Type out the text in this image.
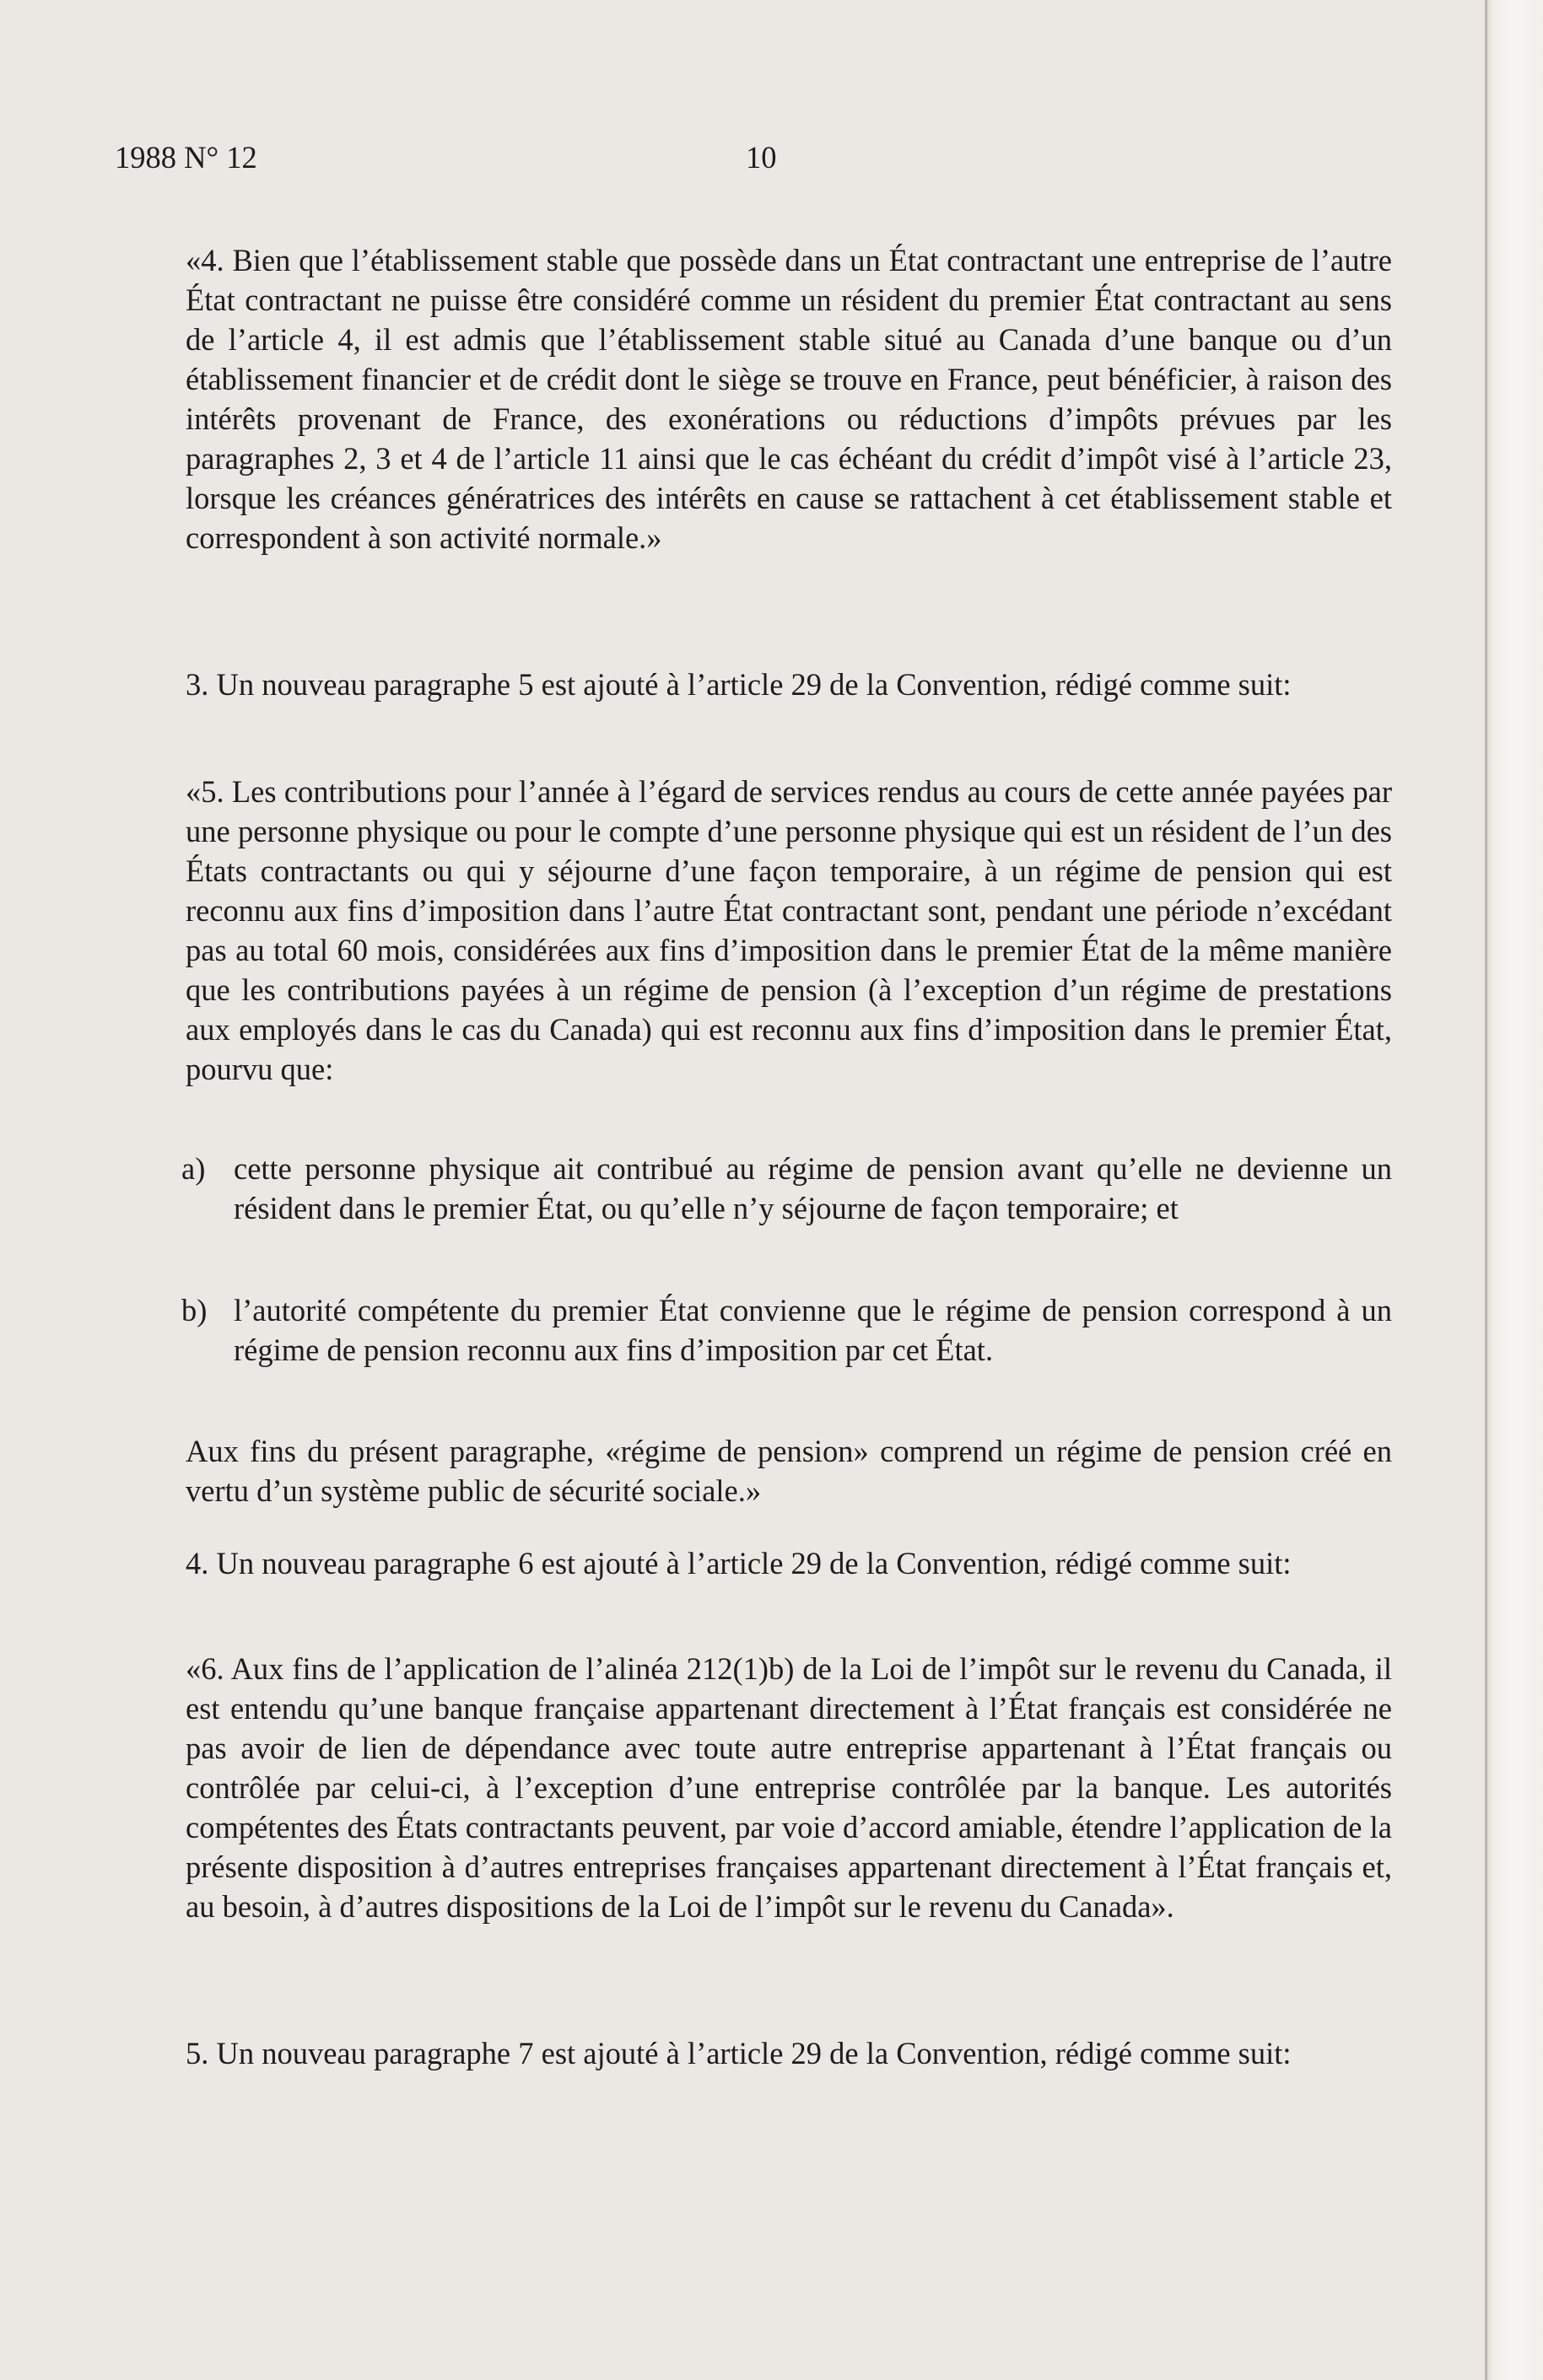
1988 N° 12	10

«4. Bien que l’établissement stable que possède dans un État contractant une entreprise de l’autre État contractant ne puisse être considéré comme un résident du premier État contractant au sens de l’article 4, il est admis que l’établissement stable situé au Canada d’une banque ou d’un établissement financier et de crédit dont le siège se trouve en France, peut bénéficier, à raison des intérêts provenant de France, des exonérations ou réductions d’impôts prévues par les paragraphes 2, 3 et 4 de l’article 11 ainsi que le cas échéant du crédit d’impôt visé à l’article 23, lorsque les créances génératrices des intérêts en cause se rattachent à cet établissement stable et correspondent à son activité normale.»

3. Un nouveau paragraphe 5 est ajouté à l’article 29 de la Convention, rédigé comme suit:

«5. Les contributions pour l’année à l’égard de services rendus au cours de cette année payées par une personne physique ou pour le compte d’une personne physique qui est un résident de l’un des États contractants ou qui y séjourne d’une façon temporaire, à un régime de pension qui est reconnu aux fins d’imposition dans l’autre État contractant sont, pendant une période n’excédant pas au total 60 mois, considérées aux fins d’imposition dans le premier État de la même manière que les contributions payées à un régime de pension (à l’exception d’un régime de prestations aux employés dans le cas du Canada) qui est reconnu aux fins d’imposition dans le premier État, pourvu que:

a) cette personne physique ait contribué au régime de pension avant qu’elle ne devienne un résident dans le premier État, ou qu’elle n’y séjourne de façon temporaire; et
b) l’autorité compétente du premier État convienne que le régime de pension correspond à un régime de pension reconnu aux fins d’imposition par cet État.

Aux fins du présent paragraphe, «régime de pension» comprend un régime de pension créé en vertu d’un système public de sécurité sociale.»

4. Un nouveau paragraphe 6 est ajouté à l’article 29 de la Convention, rédigé comme suit:

«6. Aux fins de l’application de l’alinéa 212(1)b) de la Loi de l’impôt sur le revenu du Canada, il est entendu qu’une banque française appartenant directement à l’État français est considérée ne pas avoir de lien de dépendance avec toute autre entreprise appartenant à l’État français ou contrôlée par celui-ci, à l’exception d’une entreprise contrôlée par la banque. Les autorités compétentes des États contractants peuvent, par voie d’accord amiable, étendre l’application de la présente disposition à d’autres entreprises françaises appartenant directement à l’État français et, au besoin, à d’autres dispositions de la Loi de l’impôt sur le revenu du Canada».

5. Un nouveau paragraphe 7 est ajouté à l’article 29 de la Convention, rédigé comme suit:
